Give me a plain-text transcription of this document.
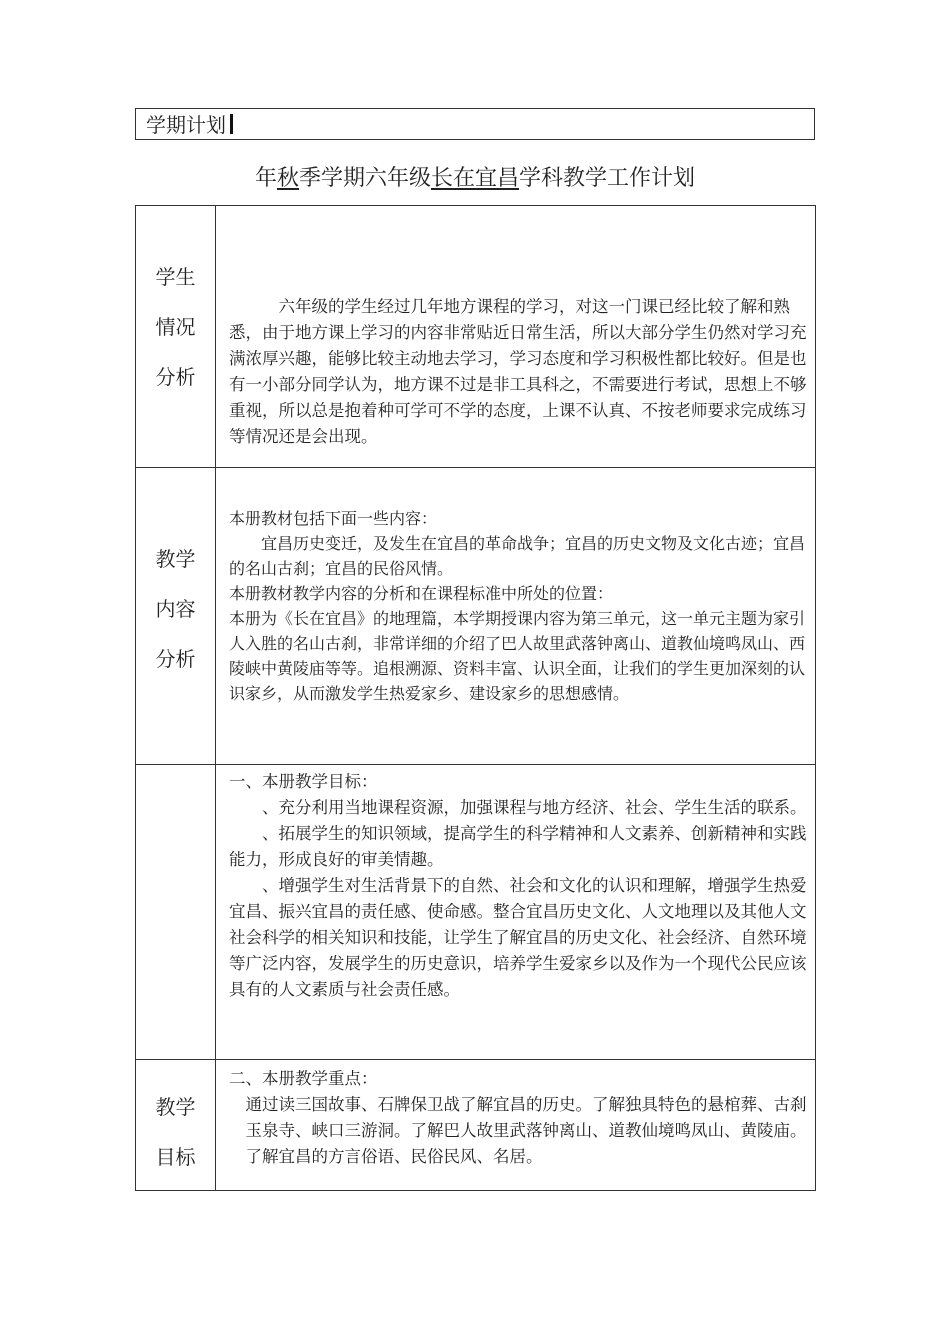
学期计划
年秋季学期六年级长在宜昌学科教学工作计划
学生
情况
分析

六年级的学生经过几年地方课程的学习，对这一门课已经比较了解和熟悉，由于地方课上学习的内容非常贴近日常生活，所以大部分学生仍然对学习充满浓厚兴趣，能够比较主动地去学习，学习态度和学习积极性都比较好。但是也有一小部分同学认为，地方课不过是非工具科之，不需要进行考试，思想上不够重视，所以总是抱着种可学可不学的态度，上课不认真、不按老师要求完成练习等情况还是会出现。

教学
内容
分析

本册教材包括下面一些内容：

宜昌历史变迁，及发生在宜昌的革命战争；宜昌的历史文物及文化古迹；宜昌的名山古刹；宜昌的民俗风情。

本册教材教学内容的分析和在课程标准中所处的位置：

本册为《长在宜昌》的地理篇，本学期授课内容为第三单元，这一单元主题为家引人入胜的名山古刹，非常详细的介绍了巴人故里武落钟离山、道教仙境鸣凤山、西陵峡中黄陵庙等等。追根溯源、资料丰富、认识全面，让我们的学生更加深刻的认识家乡，从而激发学生热爱家乡、建设家乡的思想感情。

一、本册教学目标：

、充分利用当地课程资源，加强课程与地方经济、社会、学生生活的联系。

、拓展学生的知识领域，提高学生的科学精神和人文素养、创新精神和实践能力，形成良好的审美情趣。

、增强学生对生活背景下的自然、社会和文化的认识和理解，增强学生热爱宜昌、振兴宜昌的责任感、使命感。整合宜昌历史文化、人文地理以及其他人文社会科学的相关知识和技能，让学生了解宜昌的历史文化、社会经济、自然环境等广泛内容，发展学生的历史意识，培养学生爱家乡以及作为一个现代公民应该具有的人文素质与社会责任感。

教学
目标

二、本册教学重点：

通过读三国故事、石牌保卫战了解宜昌的历史。了解独具特色的悬棺葬、古刹玉泉寺、峡口三游洞。了解巴人故里武落钟离山、道教仙境鸣凤山、黄陵庙。了解宜昌的方言俗语、民俗民风、名居。
